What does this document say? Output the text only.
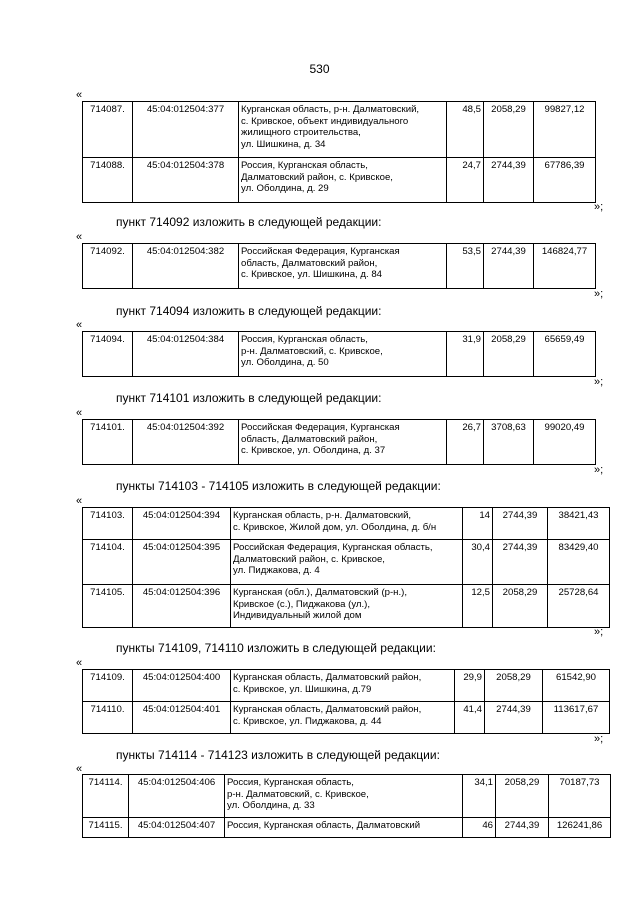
530
«
714087.	45:04:012504:377	Курганская область, р-н. Далматовский,
с. Кривское, объект индивидуального
жилищного строительства,
ул. Шишкина, д. 34	48,5	2058,29	99827,12
714088.	45:04:012504:378	Россия, Курганская область,
Далматовский район, с. Кривское,
ул. Оболдина, д. 29	24,7	2744,39	67786,39
»;
пункт 714092 изложить в следующей редакции:
«
714092.	45:04:012504:382	Российская Федерация, Курганская
область, Далматовский район,
с. Кривское, ул. Шишкина, д. 84	53,5	2744,39	146824,77
»;
пункт 714094 изложить в следующей редакции:
«
714094.	45:04:012504:384	Россия, Курганская область,
р-н. Далматовский, с. Кривское,
ул. Оболдина, д. 50	31,9	2058,29	65659,49
»;
пункт 714101 изложить в следующей редакции:
«
714101.	45:04:012504:392	Российская Федерация, Курганская
область, Далматовский район,
с. Кривское, ул. Оболдина, д. 37	26,7	3708,63	99020,49
»;
пункты 714103 - 714105 изложить в следующей редакции:
«
714103.	45:04:012504:394	Курганская область, р-н. Далматовский,
с. Кривское, Жилой дом, ул. Оболдина, д. б/н	14	2744,39	38421,43
714104.	45:04:012504:395	Российская Федерация, Курганская область,
Далматовский район, с. Кривское,
ул. Пиджакова, д. 4	30,4	2744,39	83429,40
714105.	45:04:012504:396	Курганская (обл.), Далматовский (р-н.),
Кривское (с.), Пиджакова (ул.),
Индивидуальный жилой дом	12,5	2058,29	25728,64
»;
пункты 714109, 714110 изложить в следующей редакции:
«
714109.	45:04:012504:400	Курганская область, Далматовский район,
с. Кривское, ул. Шишкина, д.79	29,9	2058,29	61542,90
714110.	45:04:012504:401	Курганская область, Далматовский район,
с. Кривское, ул. Пиджакова, д. 44	41,4	2744,39	113617,67
»;
пункты 714114 - 714123 изложить в следующей редакции:
«
714114.	45:04:012504:406	Россия, Курганская область,
р-н. Далматовский, с. Кривское,
ул. Оболдина, д. 33	34,1	2058,29	70187,73
714115.	45:04:012504:407	Россия, Курганская область, Далматовский	46	2744,39	126241,86
